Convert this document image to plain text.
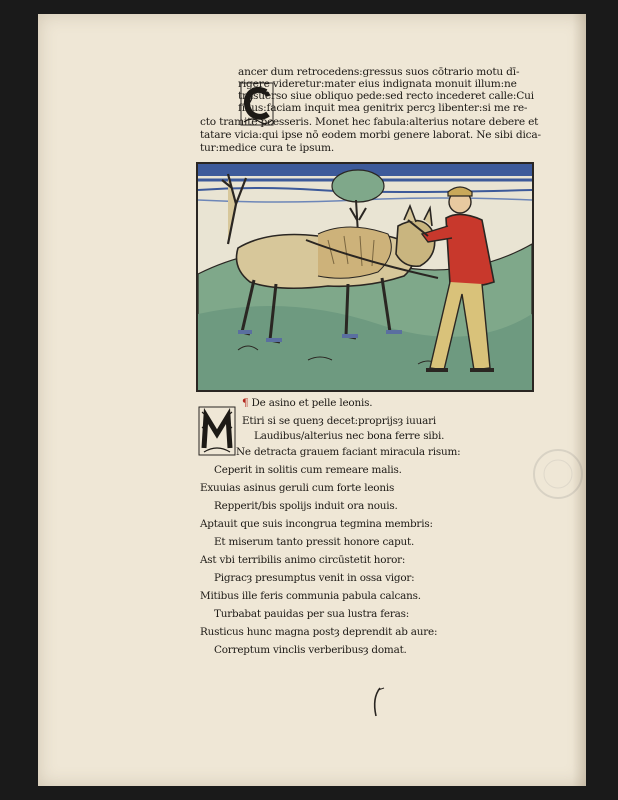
ancer dum retrocedens:gressus suos cōtrario motu dī-
rigere videretur:mater eius indignata monuit illum:ne
trāsuerso siue obliquo pede:sed recto incederet calle:Cui
filius:faciam inquit mea genitrix percȝ libenter:si me re-
cto tramite pcesseris. Monet hec fabula:alterius notare debere et
tatare vicia:qui ipse nō eodem morbi genere laborat. Ne sibi dica-
tur:medice cura te ipsum.
¶ De asino et pelle leonis.
Etiri si se quenȝ decet:proprijsȝ iuuari
Laudibus/alterius nec bona ferre sibi.
Ne detracta grauem faciant miracula risum:
Ceperit in solitis cum remeare malis.
Exuuias asinus geruli cum forte leonis
Repperit/bis spolijs induit ora nouis.
Aptauit que suis incongrua tegmina membris:
Et miserum tanto pressit honore caput.
Ast vbi terribilis animo circūstetit horor:
Pigracȝ presumptus venit in ossa vigor:
Mitibus ille feris communia pabula calcans.
Turbabat pauidas per sua lustra feras:
Rusticus hunc magna postȝ deprendit ab aure:
Correptum vinclis verberibusȝ domat.
